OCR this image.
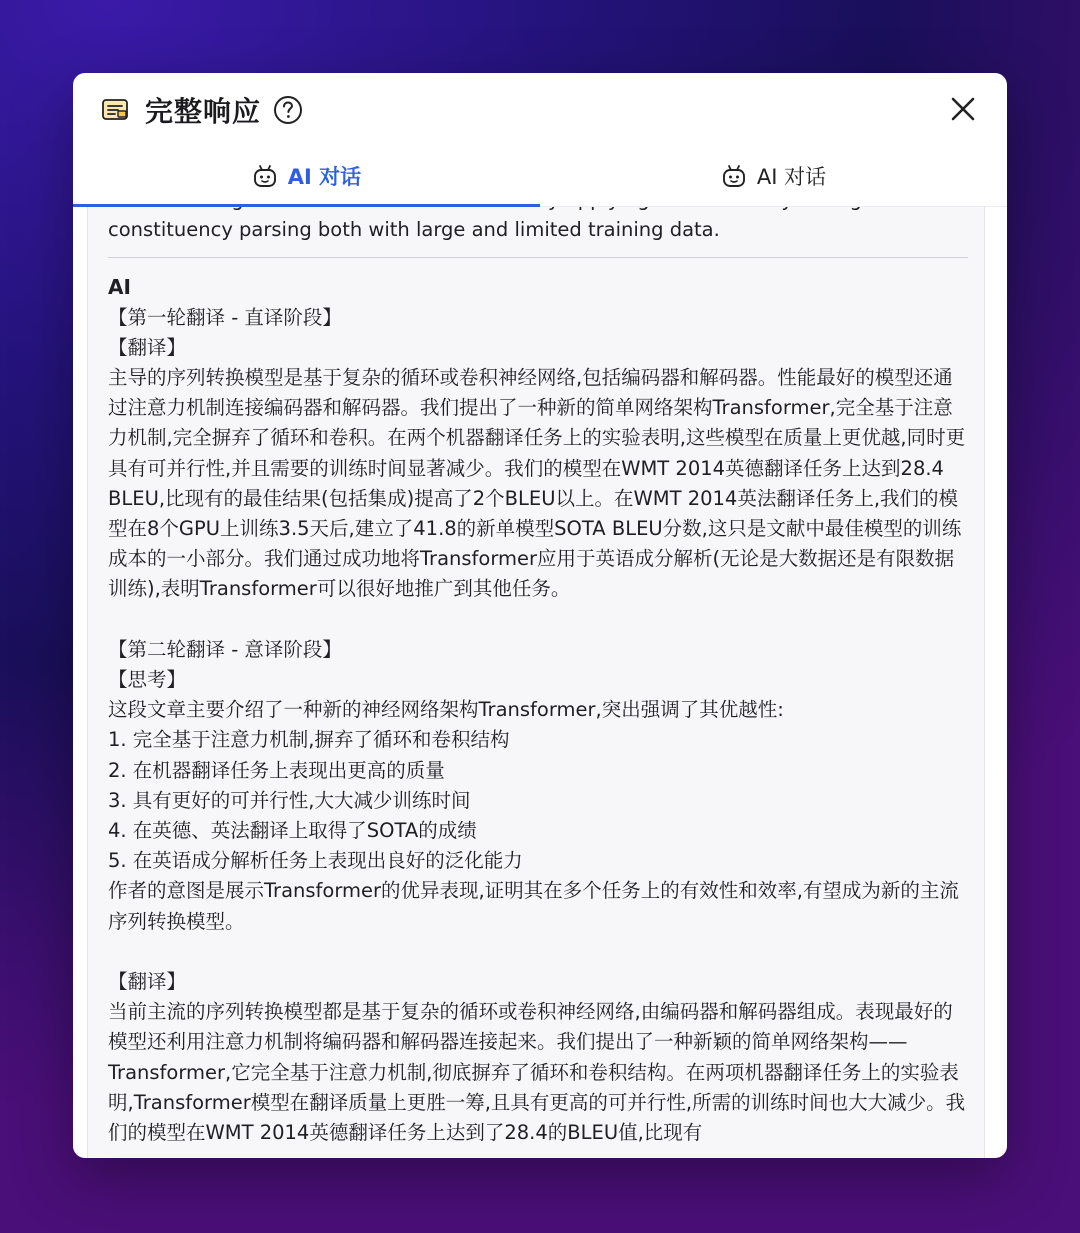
完整响应
AI 对话	AI 对话

constituency parsing both with large and limited training data.

AI

【第一轮翻译 - 直译阶段】

【翻译】

主导的序列转换模型是基于复杂的循环或卷积神经网络,包括编码器和解码器。性能最好的模型还通过注意力机制连接编码器和解码器。我们提出了一种新的简单网络架构Transformer,完全基于注意力机制,完全摒弃了循环和卷积。在两个机器翻译任务上的实验表明,这些模型在质量上更优越,同时更具有可并行性,并且需要的训练时间显著减少。我们的模型在WMT 2014英德翻译任务上达到28.4 BLEU,比现有的最佳结果(包括集成)提高了2个BLEU以上。在WMT 2014英法翻译任务上,我们的模型在8个GPU上训练3.5天后,建立了41.8的新单模型SOTA BLEU分数,这只是文献中最佳模型的训练成本的一小部分。我们通过成功地将Transformer应用于英语成分解析(无论是大数据还是有限数据训练),表明Transformer可以很好地推广到其他任务。

【第二轮翻译 - 意译阶段】

【思考】

这段文章主要介绍了一种新的神经网络架构Transformer,突出强调了其优越性:

1. 完全基于注意力机制,摒弃了循环和卷积结构

2. 在机器翻译任务上表现出更高的质量

3. 具有更好的可并行性,大大减少训练时间

4. 在英德、英法翻译上取得了SOTA的成绩

5. 在英语成分解析任务上表现出良好的泛化能力

作者的意图是展示Transformer的优异表现,证明其在多个任务上的有效性和效率,有望成为新的主流序列转换模型。

【翻译】

当前主流的序列转换模型都是基于复杂的循环或卷积神经网络,由编码器和解码器组成。表现最好的模型还利用注意力机制将编码器和解码器连接起来。我们提出了一种新颖的简单网络架构——Transformer,它完全基于注意力机制,彻底摒弃了循环和卷积结构。在两项机器翻译任务上的实验表明,Transformer模型在翻译质量上更胜一筹,且具有更高的可并行性,所需的训练时间也大大减少。我们的模型在WMT 2014英德翻译任务上达到了28.4的BLEU值,比现有
